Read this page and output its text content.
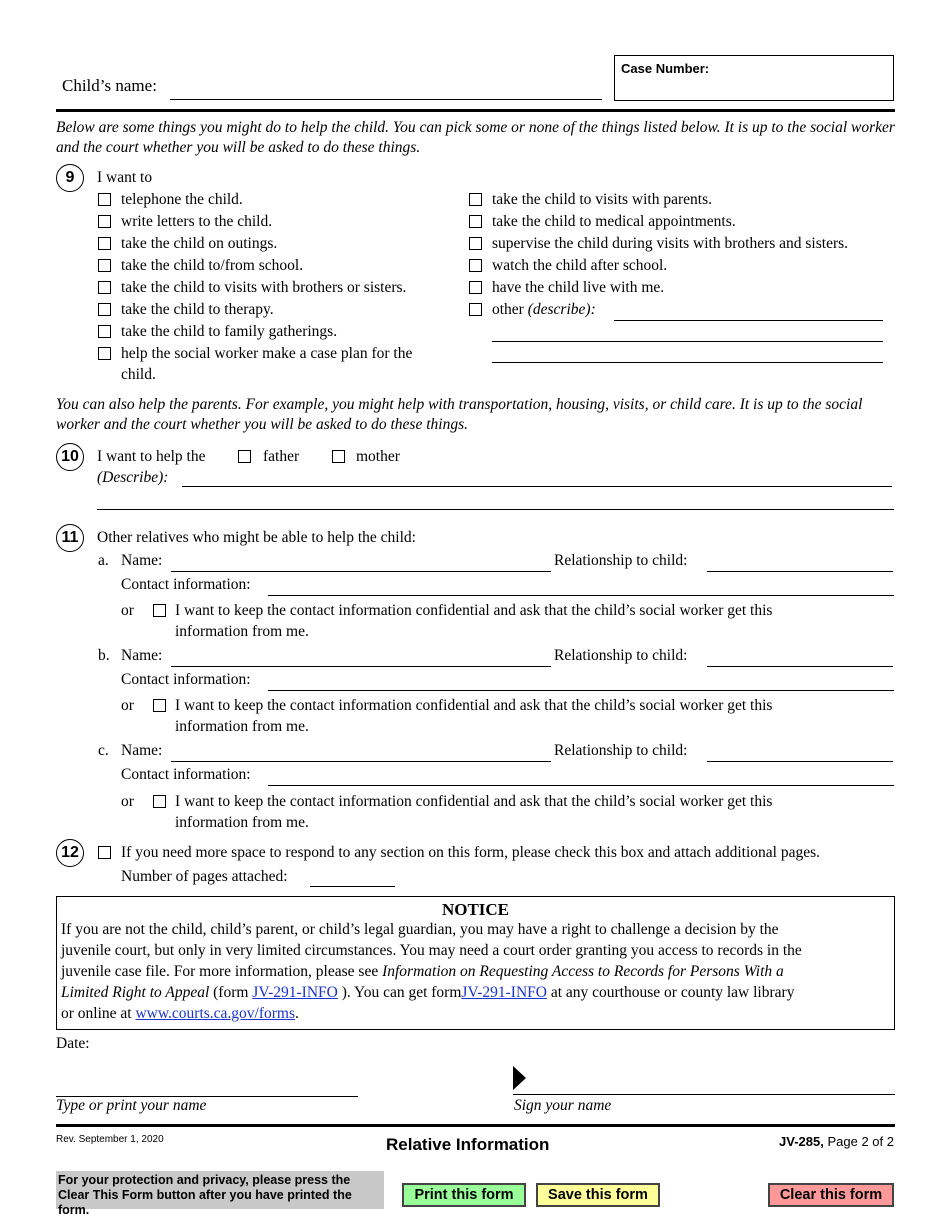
Child’s name:
Case Number:
Below are some things you might do to help the child. You can pick some or none of the things listed below. It is up to the social worker and the court whether you will be asked to do these things.
9	I want to
telephone the child.
write letters to the child.
take the child on outings.
take the child to/from school.
take the child to visits with brothers or sisters.
take the child to therapy.
take the child to family gatherings.
help the social worker make a case plan for the
child.
take the child to visits with parents.
take the child to medical appointments.
supervise the child during visits with brothers and sisters.
watch the child after school.
have the child live with me.
other (describe):
You can also help the parents. For example, you might help with transportation, housing, visits, or child care. It is up to the social worker and the court whether you will be asked to do these things.
10	I want to help the	father	mother
(Describe):
11	Other relatives who might be able to help the child:
a. Name:	Relationship to child:
Contact information:
or	I want to keep the contact information confidential and ask that the child’s social worker get this
information from me.
b. Name:	Relationship to child:
Contact information:
or	I want to keep the contact information confidential and ask that the child’s social worker get this
information from me.
c. Name:	Relationship to child:
Contact information:
or	I want to keep the contact information confidential and ask that the child’s social worker get this
information from me.
12	If you need more space to respond to any section on this form, please check this box and attach additional pages.
Number of pages attached:
NOTICE
If you are not the child, child’s parent, or child’s legal guardian, you may have a right to challenge a decision by the
juvenile court, but only in very limited circumstances. You may need a court order granting you access to records in the
juvenile case file. For more information, please see Information on Requesting Access to Records for Persons With a
Limited Right to Appeal (form JV-291-INFO ). You can get formJV-291-INFO at any courthouse or county law library
or online at www.courts.ca.gov/forms.
Date:
Type or print your name	Sign your name
Rev. September 1, 2020	Relative Information	JV-285, Page 2 of 2
For your protection and privacy, please press the Clear This Form button after you have printed the form.
Print this form	Save this form	Clear this form
